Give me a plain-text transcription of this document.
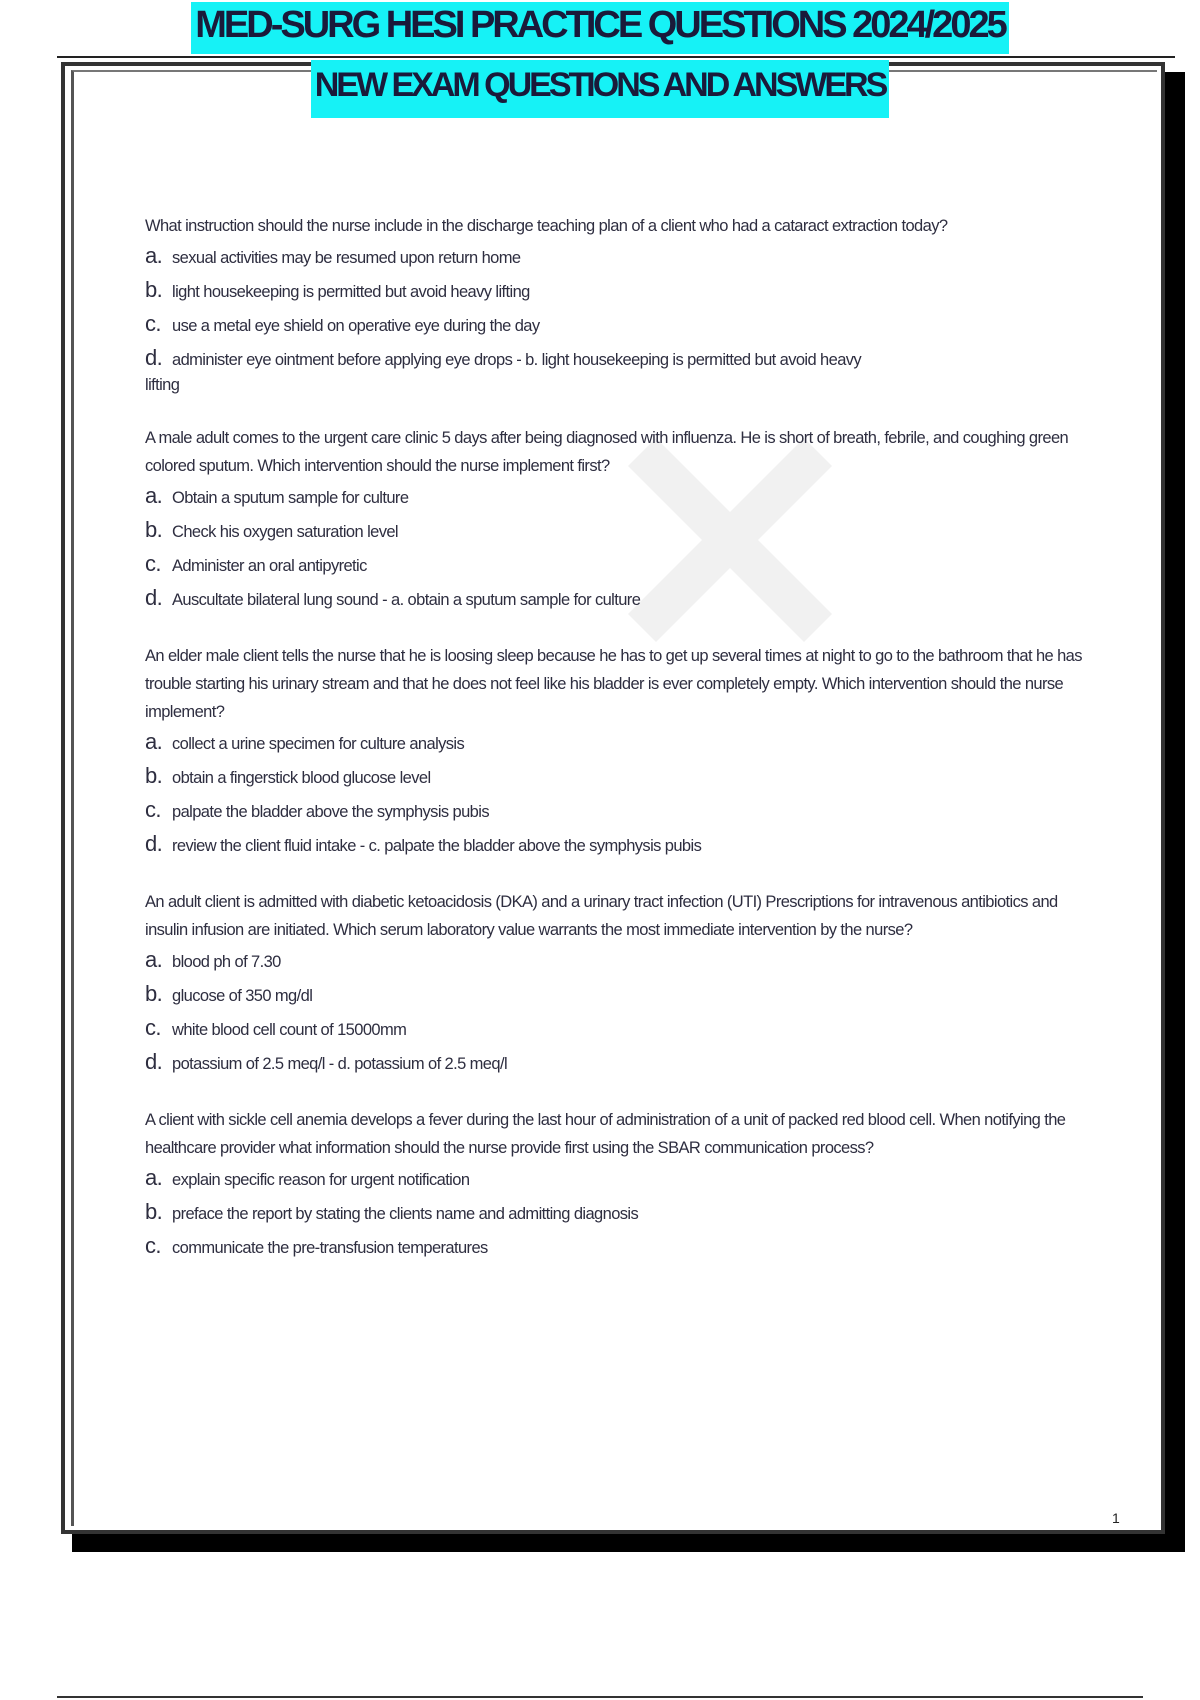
MED-SURG HESI PRACTICE QUESTIONS 2024/2025
NEW EXAM QUESTIONS AND ANSWERS

What instruction should the nurse include in the discharge teaching plan of a client who had a cataract extraction today?

a. sexual activities may be resumed upon return home
b. light housekeeping is permitted but avoid heavy lifting
c. use a metal eye shield on operative eye during the day
d. administer eye ointment before applying eye drops - b. light housekeeping is permitted but avoid heavy
lifting

A male adult comes to the urgent care clinic 5 days after being diagnosed with influenza. He is short of breath, febrile, and coughing green colored sputum. Which intervention should the nurse implement first?

a. Obtain a sputum sample for culture
b. Check his oxygen saturation level
c. Administer an oral antipyretic
d. Auscultate bilateral lung sound - a. obtain a sputum sample for culture

An elder male client tells the nurse that he is loosing sleep because he has to get up several times at night to go to the bathroom that he has trouble starting his urinary stream and that he does not feel like his bladder is ever completely empty. Which intervention should the nurse implement?

a. collect a urine specimen for culture analysis
b. obtain a fingerstick blood glucose level
c. palpate the bladder above the symphysis pubis
d. review the client fluid intake - c. palpate the bladder above the symphysis pubis

An adult client is admitted with diabetic ketoacidosis (DKA) and a urinary tract infection (UTI) Prescriptions for intravenous antibiotics and insulin infusion are initiated. Which serum laboratory value warrants the most immediate intervention by the nurse?

a. blood ph of 7.30
b. glucose of 350 mg/dl
c. white blood cell count of 15000mm
d. potassium of 2.5 meq/l - d. potassium of 2.5 meq/l

A client with sickle cell anemia develops a fever during the last hour of administration of a unit of packed red blood cell. When notifying the healthcare provider what information should the nurse provide first using the SBAR communication process?

a. explain specific reason for urgent notification
b. preface the report by stating the clients name and admitting diagnosis
c. communicate the pre-transfusion temperatures
1
